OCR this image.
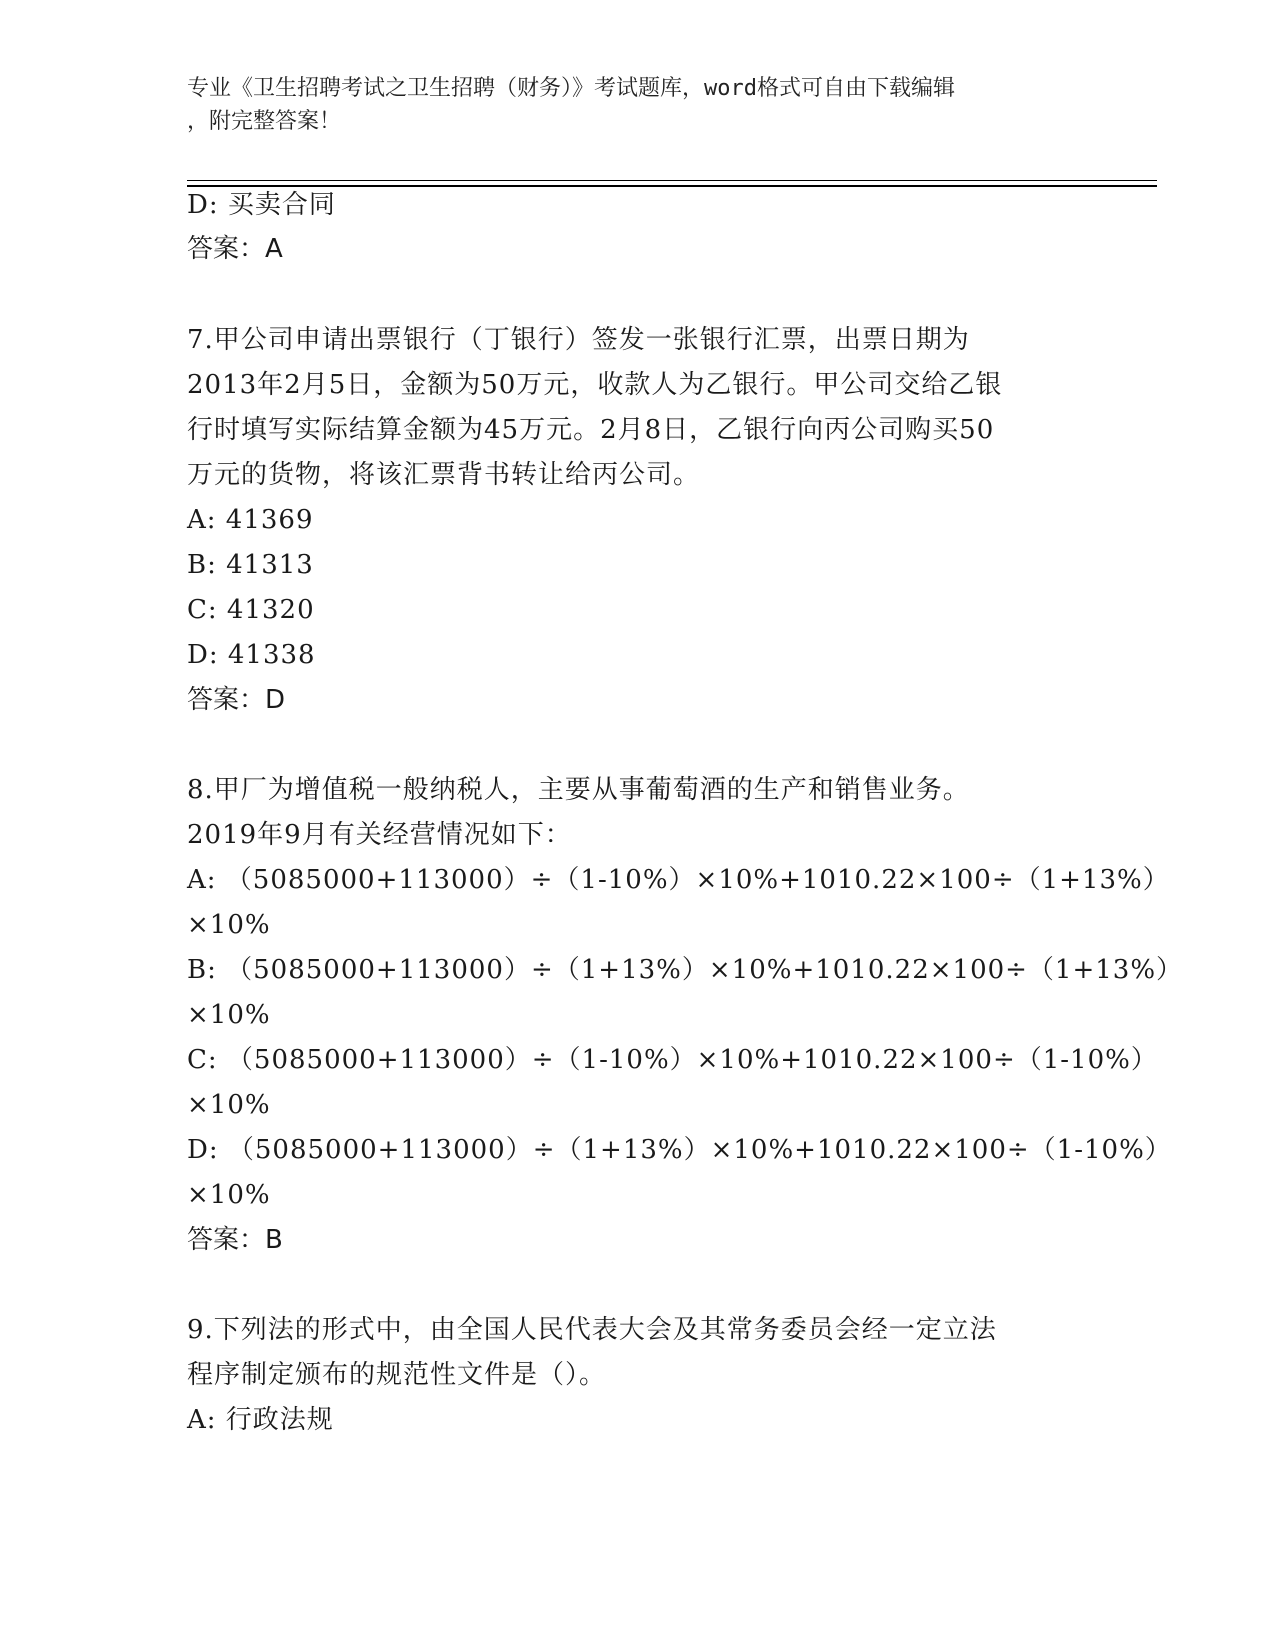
专业《卫生招聘考试之卫生招聘（财务）》考试题库，word格式可自由下载编辑
，附完整答案！
D: 买卖合同
答案：A
7.甲公司申请出票银行（丁银行）签发一张银行汇票，出票日期为
2013年2月5日，金额为50万元，收款人为乙银行。甲公司交给乙银
行时填写实际结算金额为45万元。2月8日，乙银行向丙公司购买50
万元的货物，将该汇票背书转让给丙公司。
A: 41369
B: 41313
C: 41320
D: 41338
答案：D
8.甲厂为增值税一般纳税人，主要从事葡萄酒的生产和销售业务。
2019年9月有关经营情况如下：
A: （5085000+113000）÷（1-10%）×10%+1010.22×100÷（1+13%）
×10%
B: （5085000+113000）÷（1+13%）×10%+1010.22×100÷（1+13%）
×10%
C: （5085000+113000）÷（1-10%）×10%+1010.22×100÷（1-10%）
×10%
D: （5085000+113000）÷（1+13%）×10%+1010.22×100÷（1-10%）
×10%
答案：B
9.下列法的形式中，由全国人民代表大会及其常务委员会经一定立法
程序制定颁布的规范性文件是（）。
A: 行政法规
